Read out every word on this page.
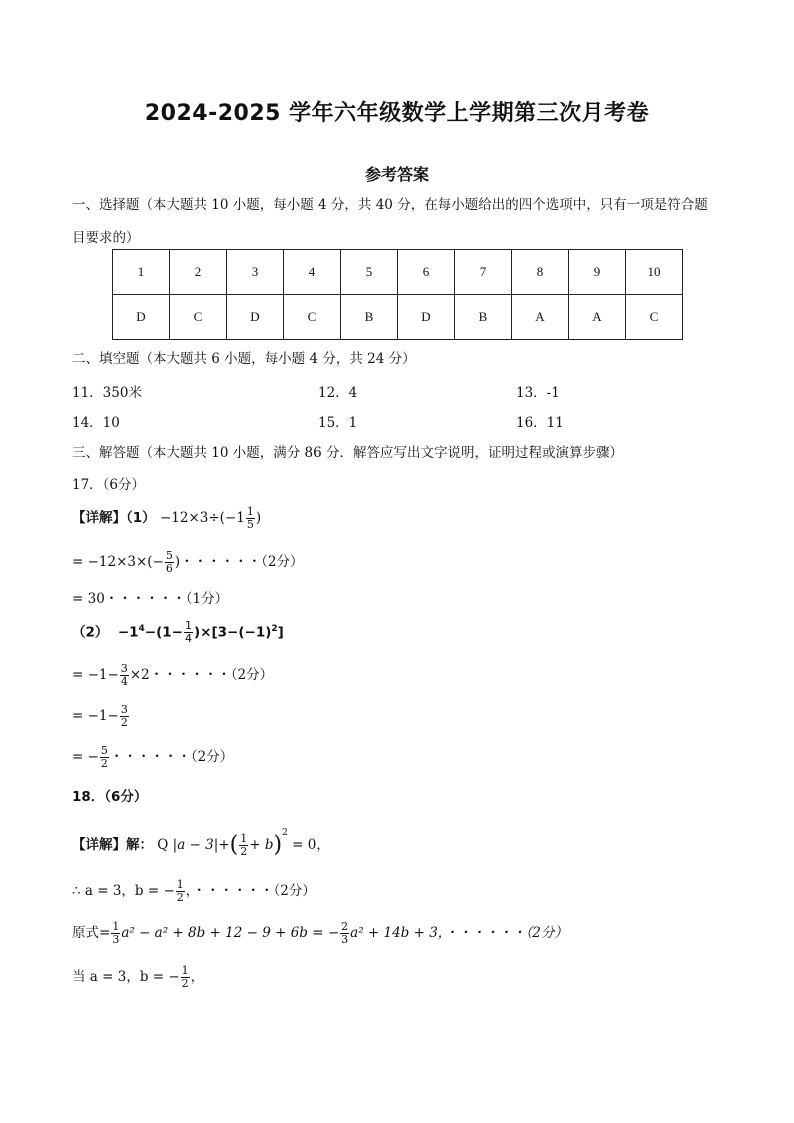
2024-2025 学年六年级数学上学期第三次月考卷
参考答案
一、选择题（本大题共 10 小题，每小题 4 分，共 40 分，在每小题给出的四个选项中，只有一项是符合题
目要求的）
1	2	3	4	5	6	7	8	9	10
D	C	D	C	B	D	B	A	A	C
二、填空题（本大题共 6 小题，每小题 4 分，共 24 分）
11．350米	12．4	13．-1
14．10	15．1	16．11
三、解答题（本大题共 10 小题，满分 86 分．解答应写出文字说明，证明过程或演算步骤）
17．（6分）
【详解】$(1) -12\times 3\div(-1 \frac{1}{5}$ )
= $-12\times 3\times(- \frac{5}{6}$ )・・・・・・（2分）
= 30・・・・・・（1分）
$(2) -1^4-(1- \frac{1}{4} )\times[3-(-1)^2]$
= $-1- \frac{3}{4} \times 2$・・・・・・（2分）
= $-1- \frac{3}{2}$
= − $\frac{5}{2}$ ・・・・・・（2分）
18．（6分）
【详解】解： Q $|a - 3|+( \frac{1}{2} + b)^2 = 0$，
∴ a = 3，b = − $\frac{1}{2}$ ，・・・・・・（2分）
原式= $\frac{1}{3} a^2 - a^2 + 8b + 12 - 9 + 6b$ = − $\frac{2}{3} a^2 + 14b + 3$，・・・・・・（2分）
当 a = 3，b = − $\frac{1}{2}$ ，
